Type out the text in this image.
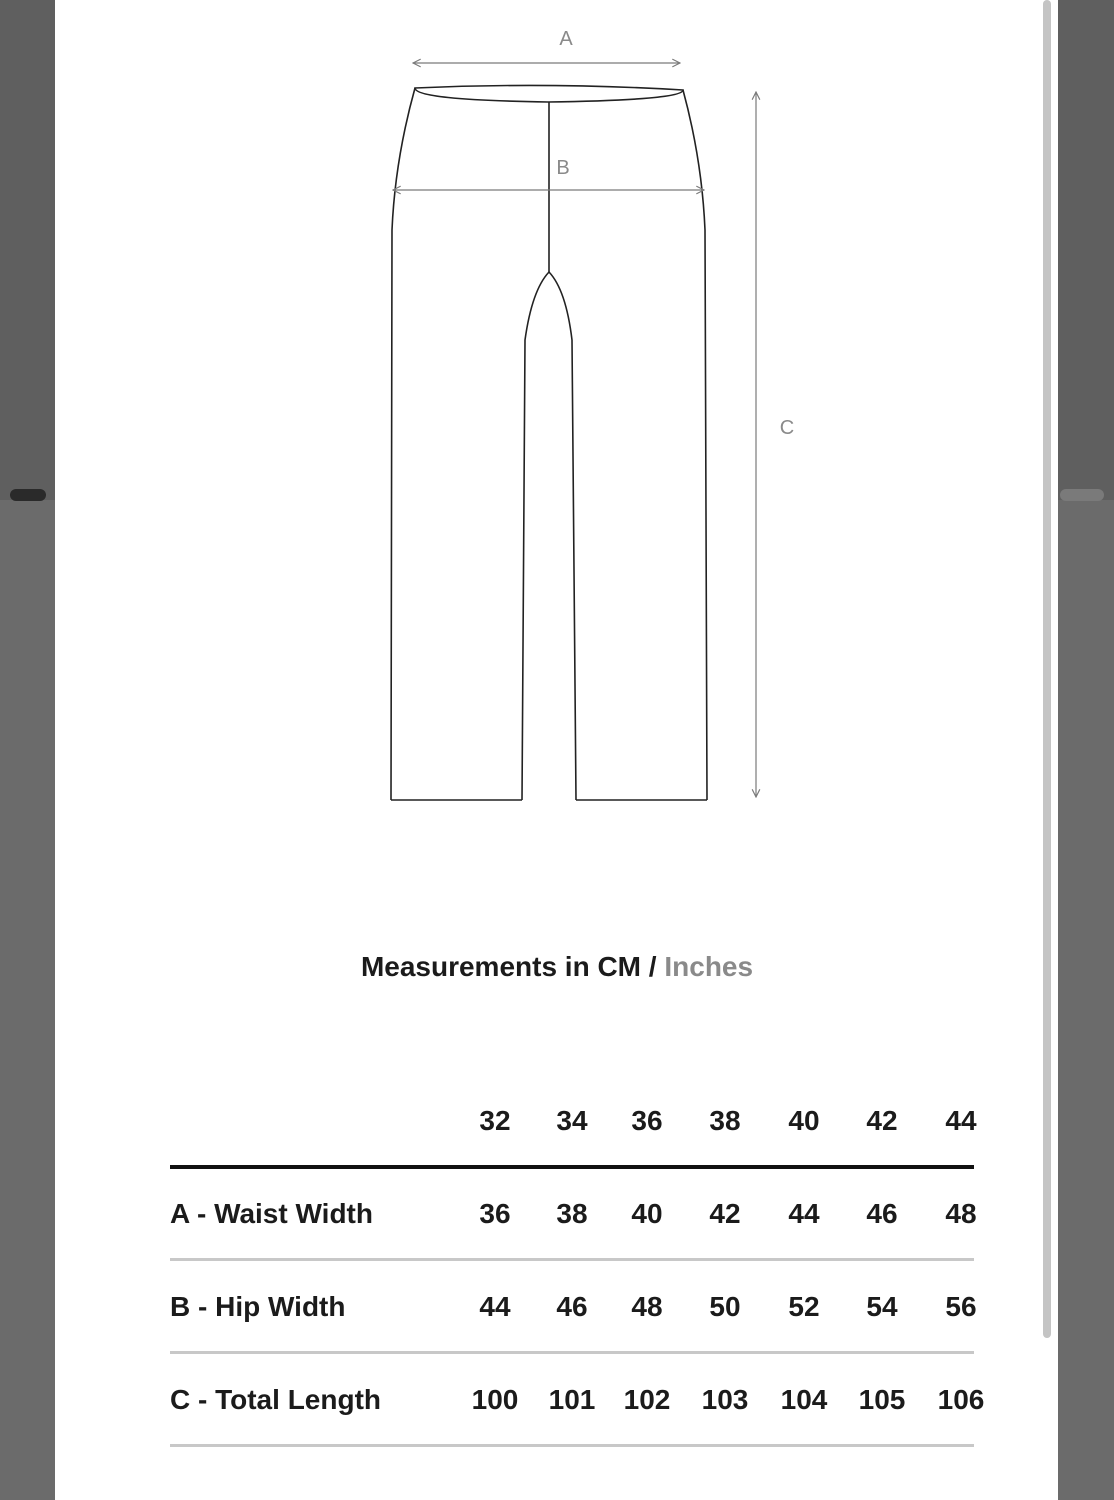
A
B
C
Measurements in CM / Inches
32 34 36 38 40 42 44
A - Waist Width	36 38 40 42 44 46 48
B - Hip Width	44 46 48 50 52 54 56
C - Total Length	100 101 102 103 104 105 106
